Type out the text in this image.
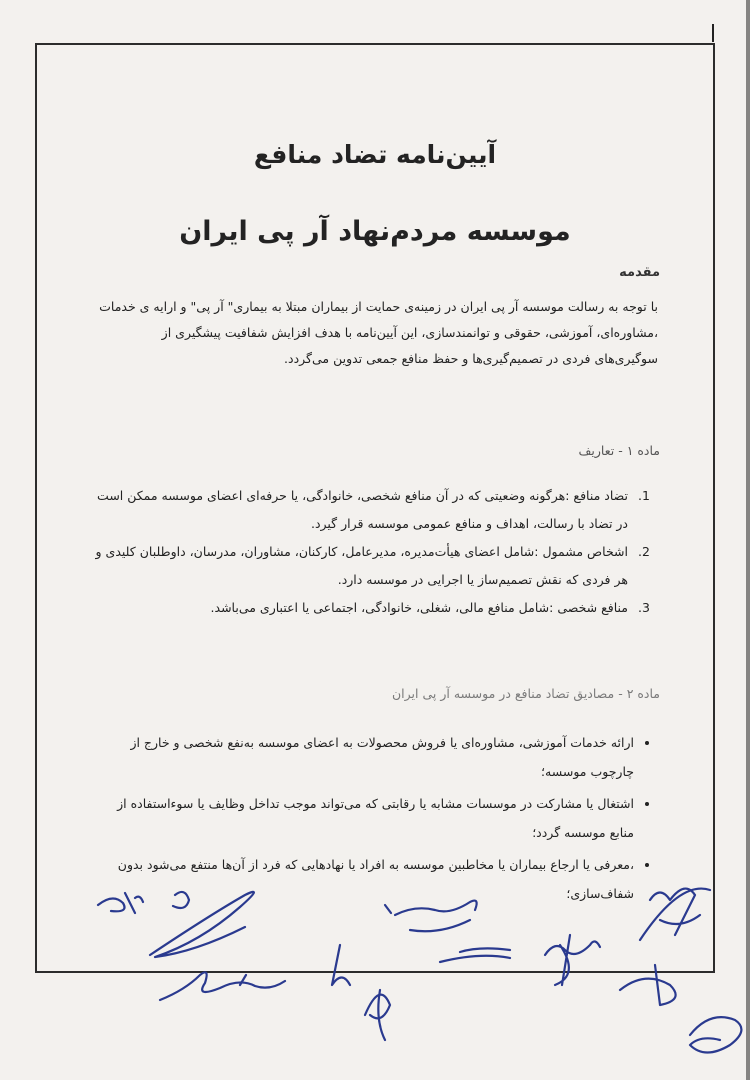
آیین‌نامه تضاد منافع
موسسه مردم‌نهاد آر پی ایران
مقدمه
با توجه به رسالت موسسه آر پی ایران در زمینه‌ی حمایت از بیماران مبتلا به بیماری" آر پی" و ارایه ی خدمات ،مشاوره‌ای، آموزشی، حقوقی و توانمندسازی، این آیین‌نامه با هدف افزایش شفافیت پیشگیری از سوگیری‌های فردی در تصمیم‌گیری‌ها و حفظ منافع جمعی تدوین می‌گردد.
ماده ۱ - تعاریف
1. تضاد منافع :هرگونه وضعیتی که در آن منافع شخصی، خانوادگی، یا حرفه‌ای اعضای موسسه ممکن است در تضاد با رسالت، اهداف و منافع عمومی موسسه قرار گیرد.
2. اشخاص مشمول :شامل اعضای هیأت‌مدیره، مدیرعامل، کارکنان، مشاوران، مدرسان، داوطلبان کلیدی و هر فردی که نقش تصمیم‌ساز یا اجرایی در موسسه دارد.
3. منافع شخصی :شامل منافع مالی، شغلی، خانوادگی، اجتماعی یا اعتباری می‌باشد.
ماده ۲ - مصادیق تضاد منافع در موسسه آر پی ایران
• ارائه خدمات آموزشی، مشاوره‌ای یا فروش محصولات به اعضای موسسه به‌نفع شخصی و خارج از چارچوب موسسه؛
• اشتغال یا مشارکت در موسسات مشابه یا رقابتی که می‌تواند موجب تداخل وظایف یا سوءاستفاده از منابع موسسه گردد؛
• ،معرفی یا ارجاع بیماران یا مخاطبین موسسه به افراد یا نهادهایی که فرد از آن‌ها منتفع می‌شود بدون شفاف‌سازی؛
